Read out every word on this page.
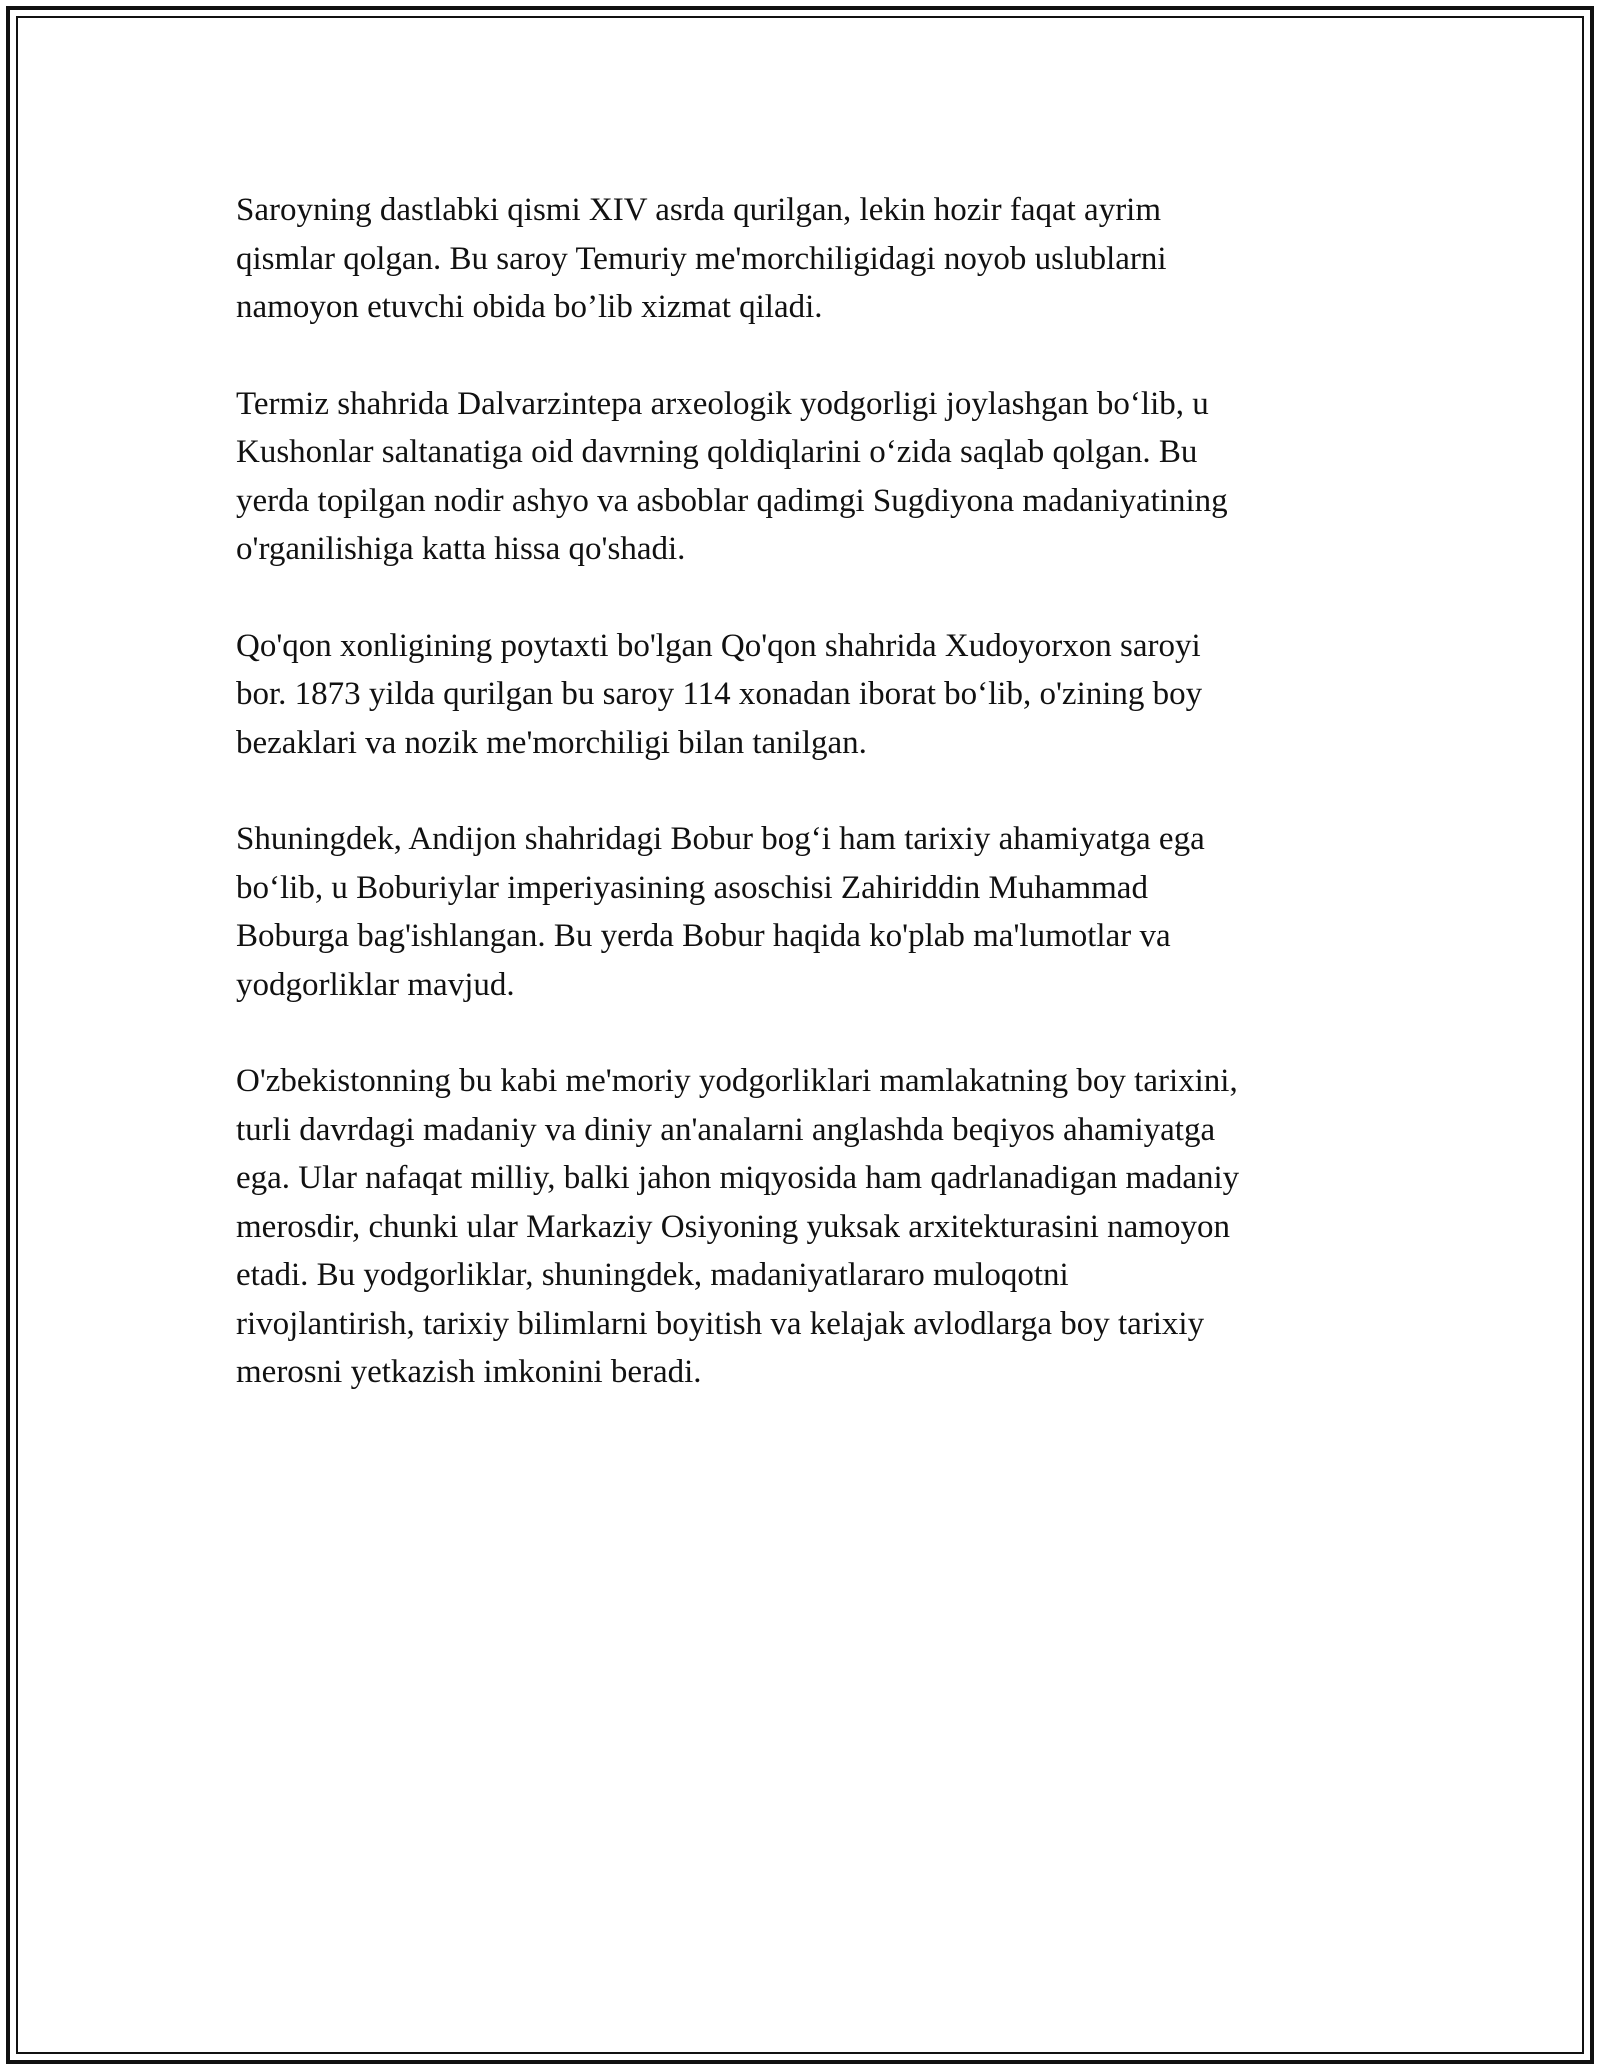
Saroyning dastlabki qismi XIV asrda qurilgan, lekin hozir faqat ayrim
qismlar qolgan. Bu saroy Temuriy me'morchiligidagi noyob uslublarni
namoyon etuvchi obida bo’lib xizmat qiladi.

Termiz shahrida Dalvarzintepa arxeologik yodgorligi joylashgan bo‘lib, u
Kushonlar saltanatiga oid davrning qoldiqlarini o‘zida saqlab qolgan. Bu
yerda topilgan nodir ashyo va asboblar qadimgi Sugdiyona madaniyatining
o'rganilishiga katta hissa qo'shadi.

Qo'qon xonligining poytaxti bo'lgan Qo'qon shahrida Xudoyorxon saroyi
bor. 1873 yilda qurilgan bu saroy 114 xonadan iborat bo‘lib, o'zining boy
bezaklari va nozik me'morchiligi bilan tanilgan.

Shuningdek, Andijon shahridagi Bobur bog‘i ham tarixiy ahamiyatga ega
bo‘lib, u Boburiylar imperiyasining asoschisi Zahiriddin Muhammad
Boburga bag'ishlangan. Bu yerda Bobur haqida ko'plab ma'lumotlar va
yodgorliklar mavjud.

O'zbekistonning bu kabi me'moriy yodgorliklari mamlakatning boy tarixini,
turli davrdagi madaniy va diniy an'analarni anglashda beqiyos ahamiyatga
ega. Ular nafaqat milliy, balki jahon miqyosida ham qadrlanadigan madaniy
merosdir, chunki ular Markaziy Osiyoning yuksak arxitekturasini namoyon
etadi. Bu yodgorliklar, shuningdek, madaniyatlararo muloqotni
rivojlantirish, tarixiy bilimlarni boyitish va kelajak avlodlarga boy tarixiy
merosni yetkazish imkonini beradi.
